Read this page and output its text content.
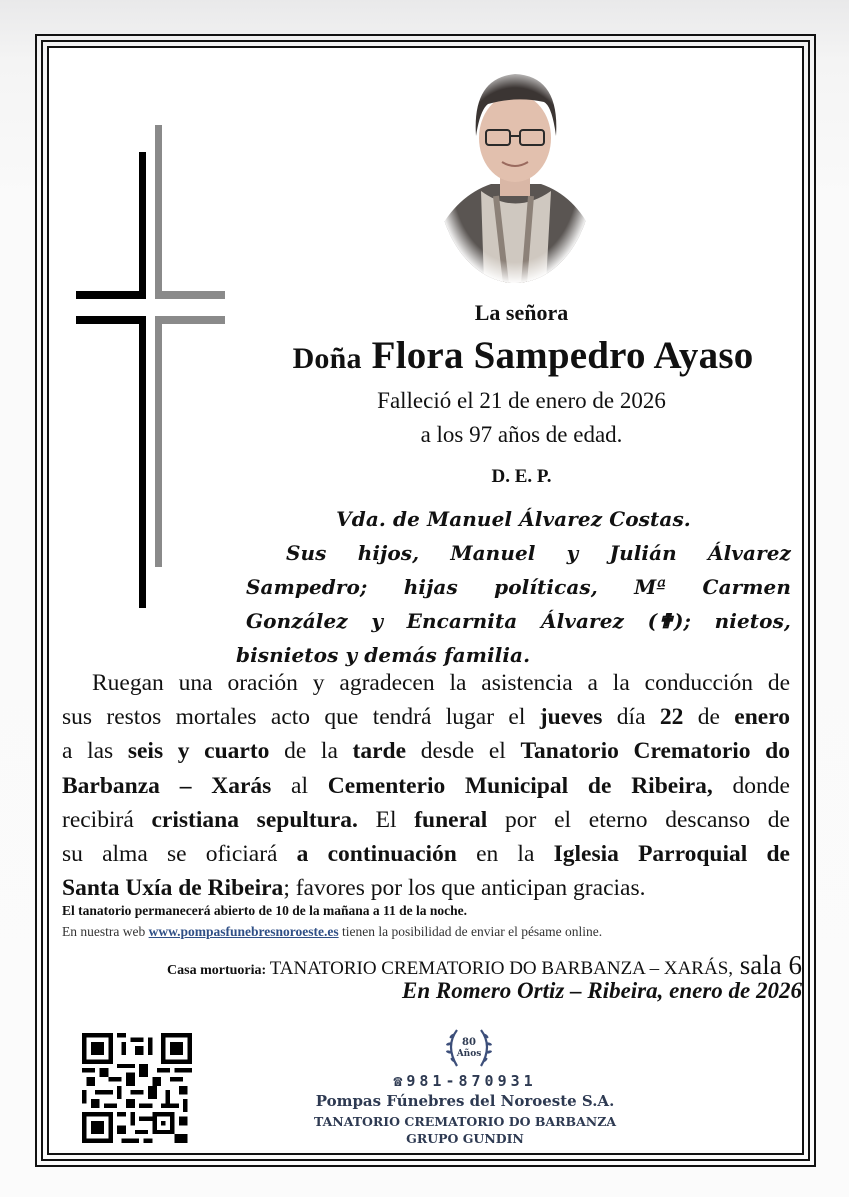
La señora
Doña Flora Sampedro Ayaso
Falleció el 21 de enero de 2026
a los 97 años de edad.
D. E. P.
Vda. de Manuel Álvarez Costas.
Sus hijos, Manuel y Julián Álvarez
Sampedro; hijas políticas, Mª Carmen
González y Encarnita Álvarez (✟); nietos,
bisnietos y demás familia.
Ruegan una oración y agradecen la asistencia a la conducción de
sus restos mortales acto que tendrá lugar el jueves día 22 de enero
a las seis y cuarto de la tarde desde el Tanatorio Crematorio do
Barbanza – Xarás al Cementerio Municipal de Ribeira, donde
recibirá cristiana sepultura. El funeral por el eterno descanso de
su alma se oficiará a continuación en la Iglesia Parroquial de
Santa Uxía de Ribeira; favores por los que anticipan gracias.
El tanatorio permanecerá abierto de 10 de la mañana a 11 de la noche.
En nuestra web www.pompasfunebresnoroeste.es tienen la posibilidad de enviar el pésame online.
Casa mortuoria: TANATORIO CREMATORIO DO BARBANZA – XARÁS, sala 6
En Romero Ortiz – Ribeira, enero de 2026
80
Años
☎981-870931
Pompas Fúnebres del Noroeste S.A.
TANATORIO CREMATORIO DO BARBANZA
GRUPO GUNDIN
